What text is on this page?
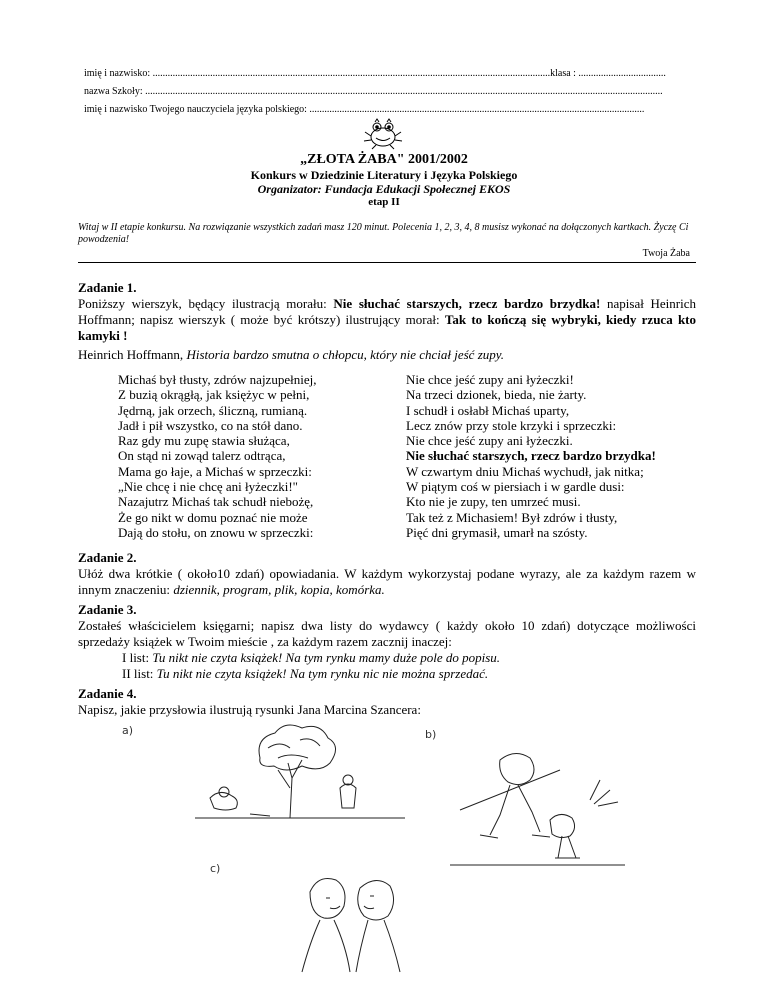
imię i nazwisko: ...............................................................................................................................................................klasa : ...................................
nazwa Szkoły: ...............................................................................................................................................................................................................
imię i nazwisko Twojego nauczyciela języka polskiego: ......................................................................................................................................
„ZŁOTA ŻABA" 2001/2002
Konkurs w Dziedzinie Literatury i Języka Polskiego
Organizator: Fundacja Edukacji Społecznej EKOS
etap II
Witaj w II etapie konkursu. Na rozwiązanie wszystkich zadań masz 120 minut. Polecenia 1, 2, 3, 4, 8 musisz wykonać na dołączonych kartkach. Życzę Ci powodzenia!
Twoja Żaba
Zadanie 1.
Poniższy wierszyk, będący ilustracją morału: Nie słuchać starszych, rzecz bardzo brzydka! napisał Heinrich Hoffmann; napisz wierszyk ( może być krótszy) ilustrujący morał: Tak to kończą się wybryki, kiedy rzuca kto kamyki !
Heinrich Hoffmann, Historia bardzo smutna o chłopcu, który nie chciał jeść zupy.
Michaś był tłusty, zdrów najzupełniej,
Z buzią okrągłą, jak księżyc w pełni,
Jędrną, jak orzech, śliczną, rumianą.
Jadł i pił wszystko, co na stół dano.
Raz gdy mu zupę stawia służąca,
On stąd ni zowąd talerz odtrąca,
Mama go łaje, a Michaś w sprzeczki:
„Nie chcę i nie chcę ani łyżeczki!"
Nazajutrz Michaś tak schudł niebożę,
Że go nikt w domu poznać nie może
Dają do stołu, on znowu w sprzeczki:
Nie chce jeść zupy ani łyżeczki!
Na trzeci dzionek, bieda, nie żarty.
I schudł i osłabł Michaś uparty,
Lecz znów przy stole krzyki i sprzeczki:
Nie chce jeść zupy ani łyżeczki.
Nie słuchać starszych, rzecz bardzo brzydka!
W czwartym dniu Michaś wychudł, jak nitka;
W piątym coś w piersiach i w gardle dusi:
Kto nie je zupy, ten umrzeć musi.
Tak też z Michasiem! Był zdrów i tłusty,
Pięć dni grymasił, umarł na szósty.
Zadanie 2.
Ułóż dwa krótkie ( około10 zdań) opowiadania. W każdym wykorzystaj podane wyrazy, ale za każdym razem w innym znaczeniu: dziennik, program, plik, kopia, komórka.
Zadanie 3.
Zostałeś właścicielem księgarni; napisz dwa listy do wydawcy ( każdy około 10 zdań) dotyczące możliwości sprzedaży książek w Twoim mieście , za każdym razem zacznij inaczej:
I list: Tu nikt nie czyta książek! Na tym rynku mamy duże pole do popisu.
II list: Tu nikt nie czyta książek! Na tym rynku nic nie można sprzedać.
Zadanie 4.
Napisz, jakie przysłowia ilustrują rysunki Jana Marcina Szancera:
a)	b)
c)
